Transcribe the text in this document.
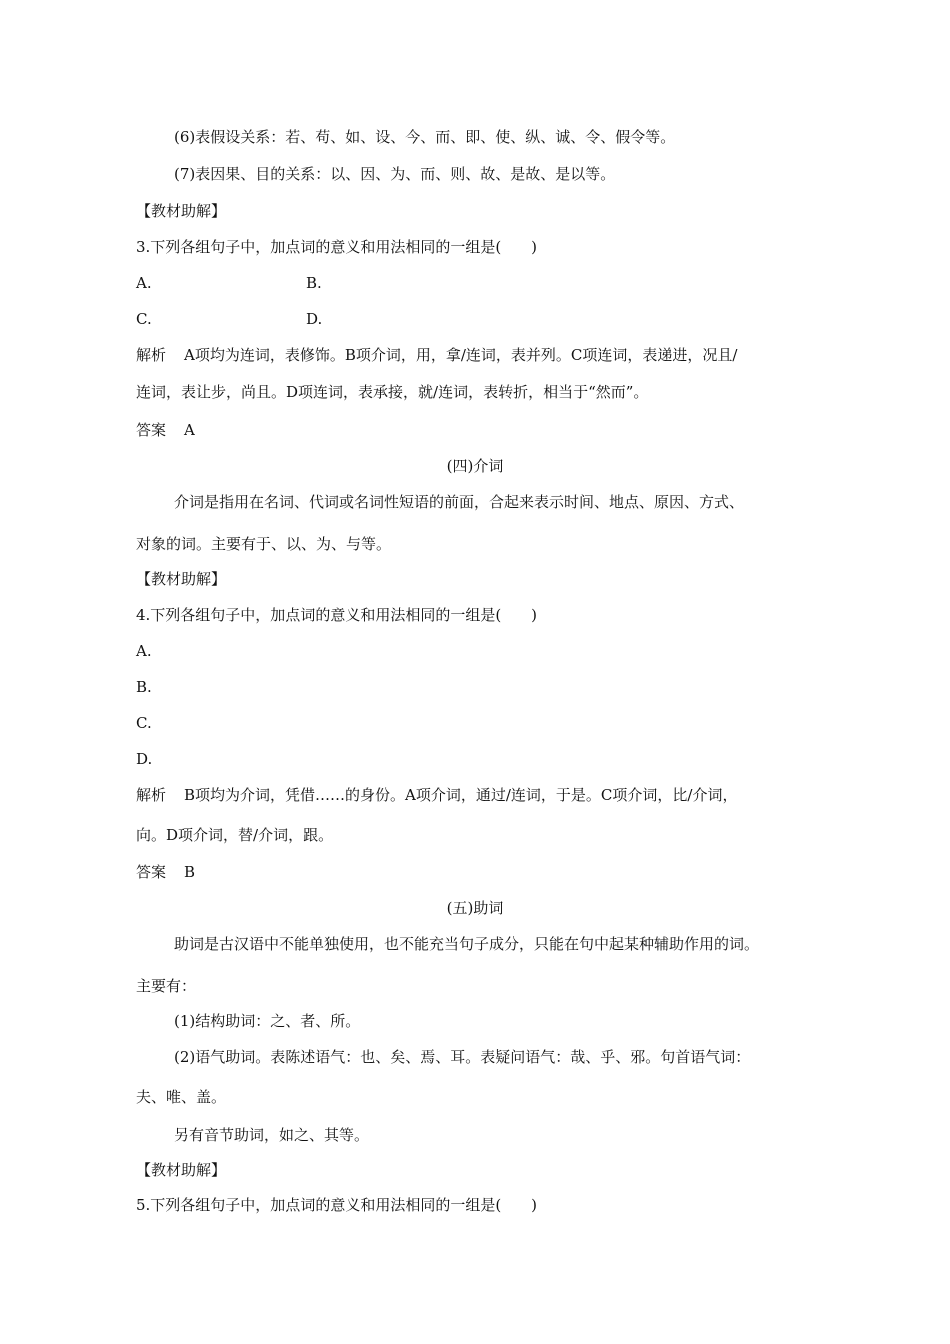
(6)表假设关系：若、苟、如、设、今、而、即、使、纵、诚、令、假令等。
(7)表因果、目的关系：以、因、为、而、则、故、是故、是以等。
【教材助解】
3.下列各组句子中，加点词的意义和用法相同的一组是(　　)
A.	B.
C.	D.
解析 A项均为连词，表修饰。B项介词，用，拿/连词，表并列。C项连词，表递进，况且/
连词，表让步，尚且。D项连词，表承接，就/连词，表转折，相当于“然而”。
答案 A
(四)介词
介词是指用在名词、代词或名词性短语的前面，合起来表示时间、地点、原因、方式、
对象的词。主要有于、以、为、与等。
【教材助解】
4.下列各组句子中，加点词的意义和用法相同的一组是(　　)
A.
B.
C.
D.
解析 B项均为介词，凭借……的身份。A项介词，通过/连词，于是。C项介词，比/介词，
向。D项介词，替/介词，跟。
答案 B
(五)助词
助词是古汉语中不能单独使用，也不能充当句子成分，只能在句中起某种辅助作用的词。
主要有：
(1)结构助词：之、者、所。
(2)语气助词。表陈述语气：也、矣、焉、耳。表疑问语气：哉、乎、邪。句首语气词：
夫、唯、盖。
另有音节助词，如之、其等。
【教材助解】
5.下列各组句子中，加点词的意义和用法相同的一组是(　　)
